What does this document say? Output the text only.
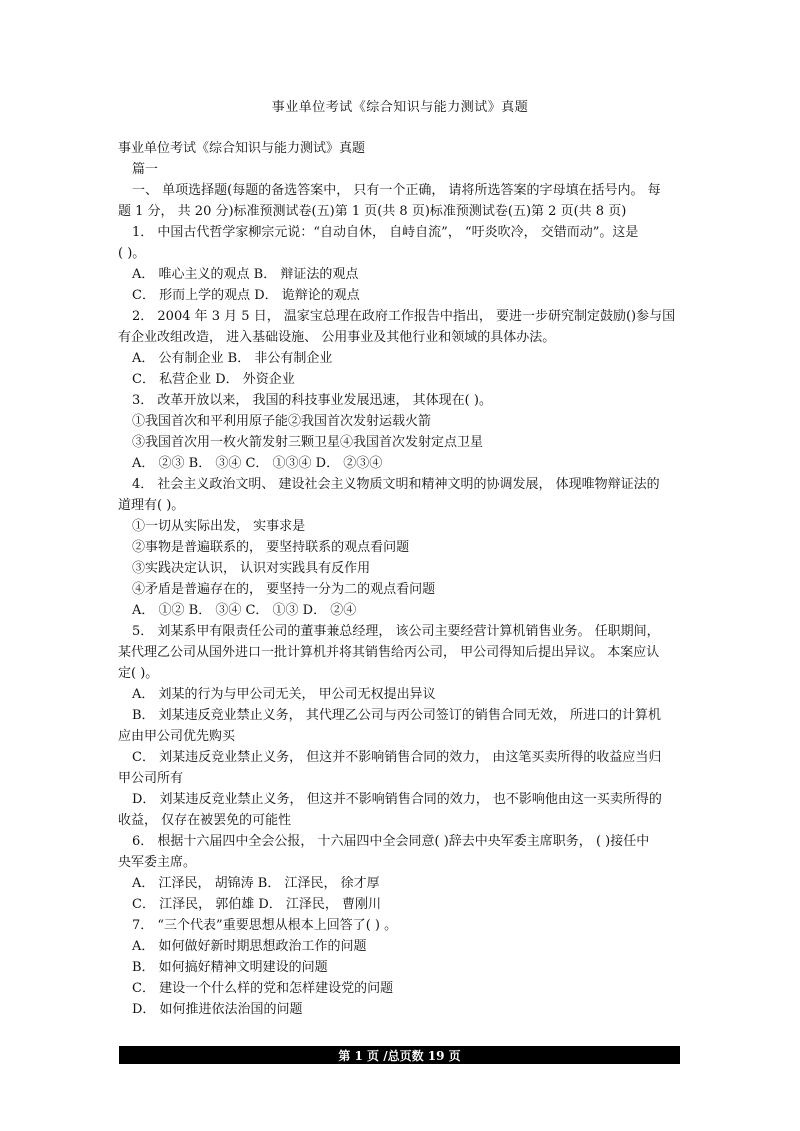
事业单位考试《综合知识与能力测试》真题

事业单位考试《综合知识与能力测试》真题

篇一

一、 单项选择题(每题的备选答案中， 只有一个正确， 请将所选答案的字母填在括号内。 每

题 1 分， 共 20 分)标准预测试卷(五)第 1 页(共 8 页)标准预测试卷(五)第 2 页(共 8 页)

1． 中国古代哲学家柳宗元说：“自动自休， 自峙自流”， “吁炎吹冷， 交错而动”。这是

( )。

A． 唯心主义的观点 B． 辩证法的观点

C． 形而上学的观点 D． 诡辩论的观点

2． 2004 年 3 月 5 日， 温家宝总理在政府工作报告中指出， 要进一步研究制定鼓励()参与国

有企业改组改造， 进入基础设施、 公用事业及其他行业和领域的具体办法。

A． 公有制企业 B． 非公有制企业

C． 私营企业 D． 外资企业

3． 改革开放以来， 我国的科技事业发展迅速， 其体现在( )。

①我国首次和平利用原子能②我国首次发射运载火箭

③我国首次用一枚火箭发射三颗卫星④我国首次发射定点卫星

A． ②③ B． ③④ C． ①③④ D． ②③④

4． 社会主义政治文明、 建设社会主义物质文明和精神文明的协调发展， 体现唯物辩证法的

道理有( )。

①一切从实际出发， 实事求是

②事物是普遍联系的， 要坚持联系的观点看问题

③实践决定认识， 认识对实践具有反作用

④矛盾是普遍存在的， 要坚持一分为二的观点看问题

A． ①② B． ③④ C． ①③ D． ②④

5． 刘某系甲有限责任公司的董事兼总经理， 该公司主要经营计算机销售业务。 任职期间，

某代理乙公司从国外进口一批计算机并将其销售给丙公司， 甲公司得知后提出异议。 本案应认

定( )。

A． 刘某的行为与甲公司无关， 甲公司无权提出异议

B． 刘某违反竞业禁止义务， 其代理乙公司与丙公司签订的销售合同无效， 所进口的计算机

应由甲公司优先购买

C． 刘某违反竞业禁止义务， 但这并不影响销售合同的效力， 由这笔买卖所得的收益应当归

甲公司所有

D． 刘某违反竞业禁止义务， 但这并不影响销售合同的效力， 也不影响他由这一买卖所得的

收益， 仅存在被罢免的可能性

6． 根据十六届四中全会公报， 十六届四中全会同意( )辞去中央军委主席职务， ( )接任中

央军委主席。

A． 江泽民， 胡锦涛 B． 江泽民， 徐才厚

C． 江泽民， 郭伯雄 D． 江泽民， 曹刚川

7． “三个代表”重要思想从根本上回答了( ) 。

A． 如何做好新时期思想政治工作的问题

B． 如何搞好精神文明建设的问题

C． 建设一个什么样的党和怎样建设党的问题

D． 如何推进依法治国的问题

第 1 页 /总页数 19 页
